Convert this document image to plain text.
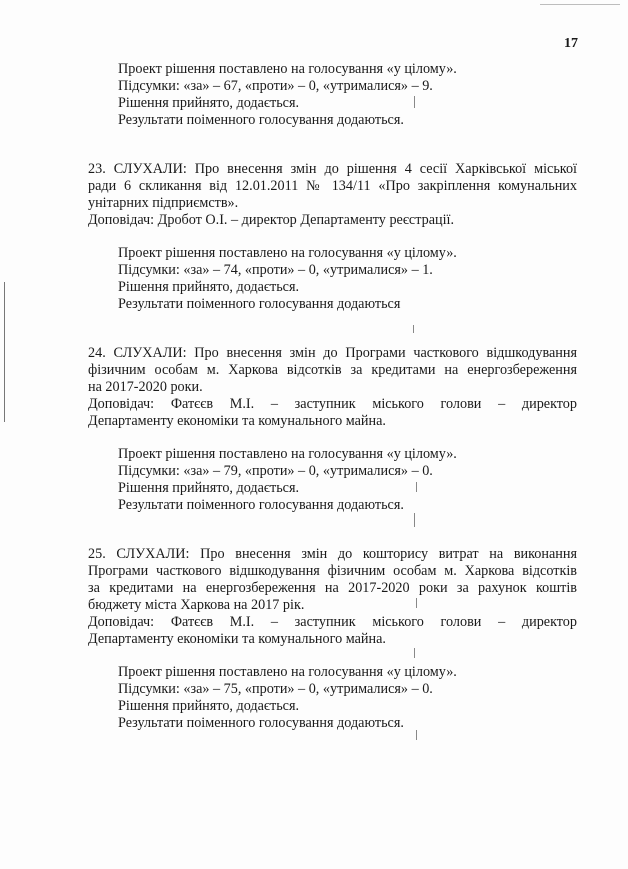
17
Проект рішення поставлено на голосування «у цілому».
Підсумки: «за» – 67, «проти» – 0, «утрималися» – 9.
Рішення прийнято, додається.
Результати поіменного голосування додаються.
23. СЛУХАЛИ: Про внесення змін до рішення 4 сесії Харківської міської
ради 6 скликання від 12.01.2011 № 134/11 «Про закріплення комунальних
унітарних підприємств».
Доповідач: Дробот О.І. – директор Департаменту реєстрації.
Проект рішення поставлено на голосування «у цілому».
Підсумки: «за» – 74, «проти» – 0, «утрималися» – 1.
Рішення прийнято, додається.
Результати поіменного голосування додаються
24. СЛУХАЛИ: Про внесення змін до Програми часткового відшкодування
фізичним особам м. Харкова відсотків за кредитами на енергозбереження
на 2017-2020 роки.
Доповідач: Фатєєв М.І. – заступник міського голови – директор
Департаменту економіки та комунального майна.
Проект рішення поставлено на голосування «у цілому».
Підсумки: «за» – 79, «проти» – 0, «утрималися» – 0.
Рішення прийнято, додається.
Результати поіменного голосування додаються.
25. СЛУХАЛИ: Про внесення змін до кошторису витрат на виконання
Програми часткового відшкодування фізичним особам м. Харкова відсотків
за кредитами на енергозбереження на 2017-2020 роки за рахунок коштів
бюджету міста Харкова на 2017 рік.
Доповідач: Фатєєв М.І. – заступник міського голови – директор
Департаменту економіки та комунального майна.
Проект рішення поставлено на голосування «у цілому».
Підсумки: «за» – 75, «проти» – 0, «утрималися» – 0.
Рішення прийнято, додається.
Результати поіменного голосування додаються.
